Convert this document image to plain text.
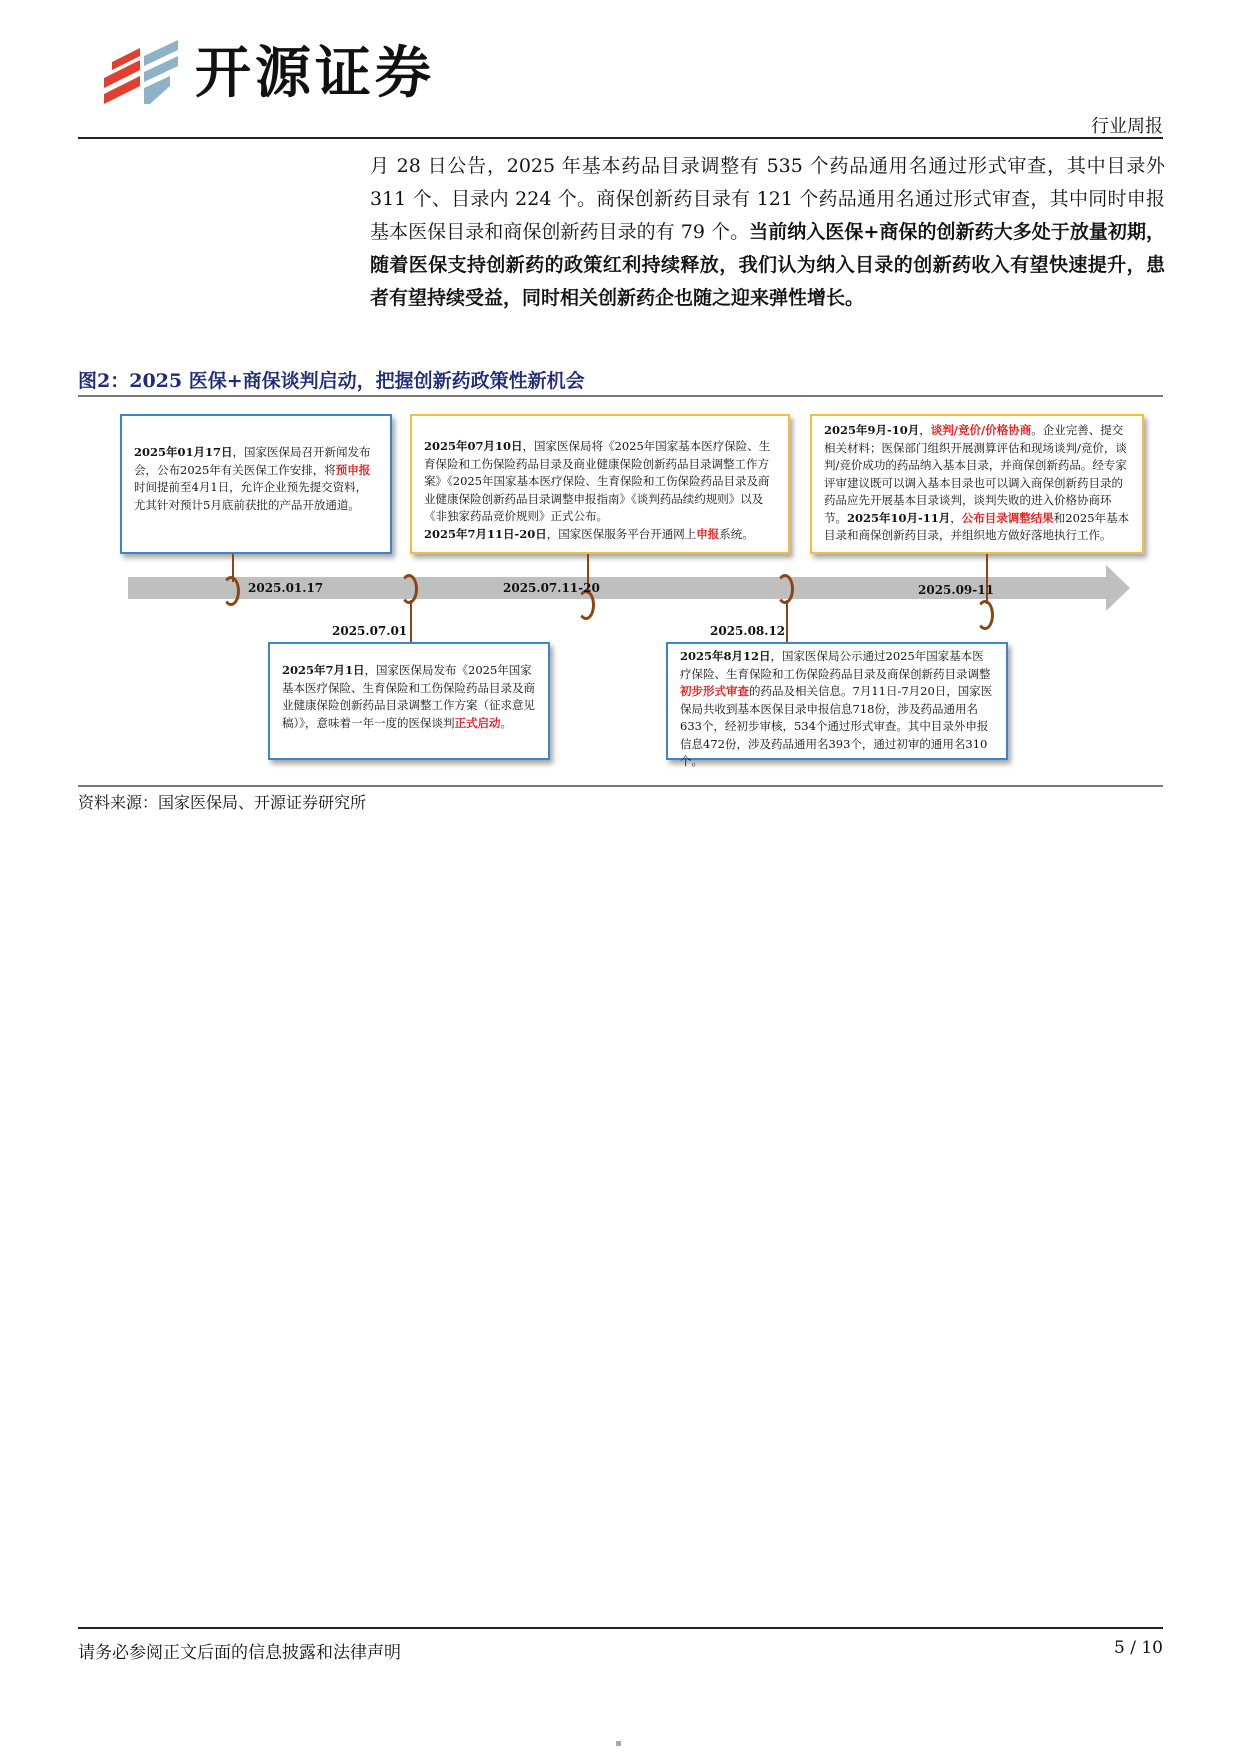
开源证券
行业周报
月 28 日公告，2025 年基本药品目录调整有 535 个药品通用名通过形式审查，其中目录外 311 个、目录内 224 个。商保创新药目录有 121 个药品通用名通过形式审查，其中同时申报基本医保目录和商保创新药目录的有 79 个。当前纳入医保+商保的创新药大多处于放量初期，随着医保支持创新药的政策红利持续释放，我们认为纳入目录的创新药收入有望快速提升，患者有望持续受益，同时相关创新药企也随之迎来弹性增长。
图2：2025 医保+商保谈判启动，把握创新药政策性新机会
2025年01月17日，国家医保局召开新闻发布会，公布2025年有关医保工作安排，将预申报时间提前至4月1日，允许企业预先提交资料，尤其针对预计5月底前获批的产品开放通道。
2025.01.17
2025.07.01
2025年7月1日，国家医保局发布《2025年国家基本医疗保险、生育保险和工伤保险药品目录及商业健康保险创新药品目录调整工作方案（征求意见稿）》，意味着一年一度的医保谈判正式启动。
2025年07月10日，国家医保局将《2025年国家基本医疗保险、生育保险和工伤保险药品目录及商业健康保险创新药品目录调整工作方案》《2025年国家基本医疗保险、生育保险和工伤保险药品目录及商业健康保险创新药品目录调整申报指南》《谈判药品续约规则》以及《非独家药品竞价规则》正式公布。
2025年7月11日-20日，国家医保服务平台开通网上申报系统。
2025.07.11-20
2025.08.12
2025年8月12日，国家医保局公示通过2025年国家基本医疗保险、生育保险和工伤保险药品目录及商保创新药目录调整初步形式审查的药品及相关信息。7月11日-7月20日，国家医保局共收到基本医保目录申报信息718份，涉及药品通用名633个，经初步审核，534个通过形式审查。其中目录外申报信息472份，涉及药品通用名393个，通过初审的通用名310个。
2025年9月-10月，谈判/竞价/价格协商。企业完善、提交相关材料；医保部门组织开展测算评估和现场谈判/竞价，谈判/竞价成功的药品纳入基本目录，并商保创新药品。经专家评审建议既可以调入基本目录也可以调入商保创新药目录的药品应先开展基本目录谈判，谈判失败的进入价格协商环节。2025年10月-11月，公布目录调整结果和2025年基本目录和商保创新药目录，并组织地方做好落地执行工作。
2025.09-11
资料来源：国家医保局、开源证券研究所
请务必参阅正文后面的信息披露和法律声明	5 / 10
